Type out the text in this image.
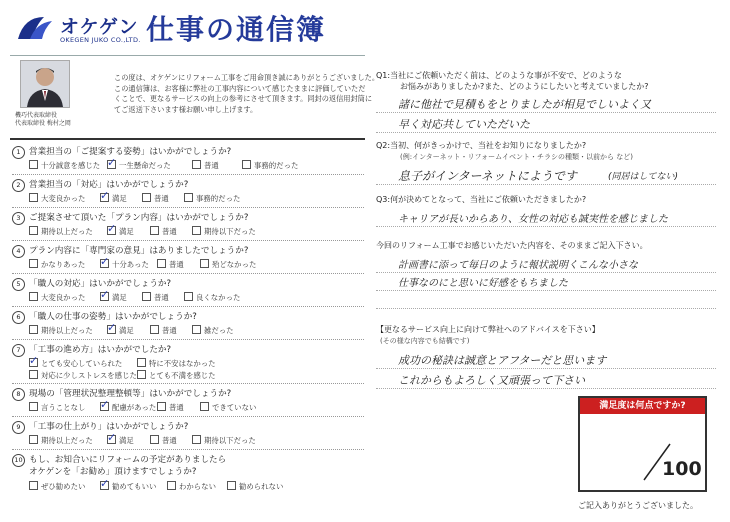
オケゲン
OKEGEN JUKO CO.,LTD. 仕事の通信簿
機巧代表取締役
代表取締役 梅村之岡
この度は、オケゲンにリフォーム工事をご用命頂き誠にありがとうございました。
この通信簿は、お客様に弊社の工事内容について感じたままに評価していただ
くことで、更なるサービスの向上の参考にさせて頂きます。同封の返信用封筒に
てご返送下さいます様お願い申し上げます。
1 営業担当の「ご提案する姿勢」はいかがでしょうか?
十分誠意を感じた ✓ 一生懸命だった	普通	事務的だった
2 営業担当の「対応」はいかがでしょうか?
大変良かった ✓ 満足	普通	事務的だった
3 ご提案させて頂いた「プラン内容」はいかがでしょうか?
期待以上だった ✓ 満足	普通	期待以下だった
4 プラン内容に「専門家の意見」はありましたでしょうか?
かなりあった ✓ 十分あった	普通	殆どなかった
5 「職人の対応」はいかがでしょうか?
大変良かった ✓ 満足	普通	良くなかった
6 「職人の仕事の姿勢」はいかがでしょうか?
期待以上だった ✓ 満足	普通	雑だった
7 「工事の進め方」はいかがでしたか?
✓ とても安心していられた	特に不安はなかった
対応に少しストレスを感じた	とても不満を感じた
8 現場の「管理状況整理整頓等」はいかがでしょうか?
言うことなし ✓ 配慮があった	普通	できていない
9 「工事の仕上がり」はいかがでしょうか?
期待以上だった ✓ 満足	普通	期待以下だった
10 もし、お知合いにリフォームの予定がありましたら
オケゲンを「お勧め」頂けますでしょうか?
ぜひ勧めたい ✓ 勧めてもいい	わからない	勧められない
Q1:当社にご依頼いただく前は、どのような事が不安で、どのような
お悩みがありましたか?また、どのようにしたいと考えていましたか?
諸に他社で見積もをとりましたが相見でしいよく又
早く対応共していただいた
Q2:当初、何がきっかけで、当社をお知りになりましたか?
(例:インターネット・リフォームイベント・チラシの種類・以前から など)
息子がインターネットにようです	(同居はしてない)
Q3:何が決めてとなって、当社にご依頼いただきましたか?
キャリアが長いからあり、女性の対応も誠実性を感じました
今回のリフォーム工事でお感じいただいた内容を、そのままご記入下さい。
計画書に添って毎日のように報状説明くこんな小さな
仕事なのにと思いに好感をもちました
【更なるサービス向上に向けて弊社へのアドバイスを下さい】
(その様な内容でも結構です)
成功の秘訣は誠意とアフターだと思います
これからもよろしく又頑張って下さい
満足度は何点ですか?
100
ご記入ありがとうございました。
